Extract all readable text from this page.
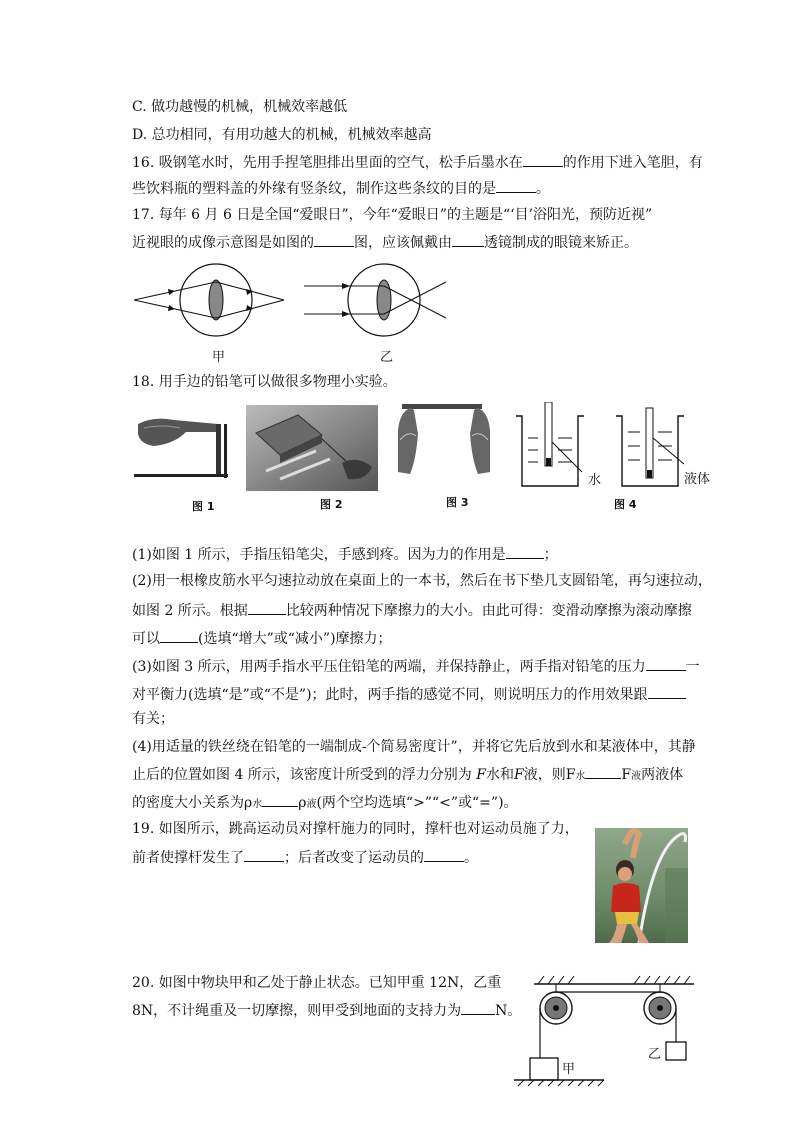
C. 做功越慢的机械，机械效率越低
D. 总功相同，有用功越大的机械，机械效率越高
16. 吸钢笔水时，先用手捏笔胆排出里面的空气，松手后墨水在	的作用下进入笔胆，有
些饮料瓶的塑料盖的外缘有竖条纹，制作这些条纹的目的是	。
17. 每年 6 月 6 日是全国“爱眼日”，今年“爱眼日”的主题是“‘目’浴阳光，预防近视”
近视眼的成像示意图是如图的	图，应该佩戴由 透镜制成的眼镜来矫正。
甲	乙
18. 用手边的铅笔可以做很多物理小实验。
水	液体
图 1	图 2	图 3	图 4
(1)如图 1 所示，手指压铅笔尖，手感到疼。因为力的作用是	；
(2)用一根橡皮筋水平匀速拉动放在桌面上的一本书，然后在书下垫几支圆铅笔，再匀速拉动，
如图 2 所示。根据	比较两种情况下摩擦力的大小。由此可得：变滑动摩擦为滚动摩擦
可以	(选填“增大”或“减小”)摩擦力；
(3)如图 3 所示，用两手指水平压住铅笔的两端，并保持静止，两手指对铅笔的压力	一
对平衡力(选填“是”或“不是”)；此时，两手指的感觉不同，则说明压力的作用效果跟
有关；
(4)用适量的铁丝绕在铅笔的一端制成-个简易密度计”，并将它先后放到水和某液体中，其静
止后的位置如图 4 所示，该密度计所受到的浮力分别为 F水和F液，则F水	F液两液体
的密度大小关系为ρ水	ρ液(两个空均选填“>”“<”或“=”)。
19. 如图所示，跳高运动员对撑杆施力的同时，撑杆也对运动员施了力，
前者使撑杆发生了	；后者改变了运动员的	。
20. 如图中物块甲和乙处于静止状态。已知甲重 12N，乙重
8N，不计绳重及一切摩擦，则甲受到地面的支持力为 N。
甲
乙
